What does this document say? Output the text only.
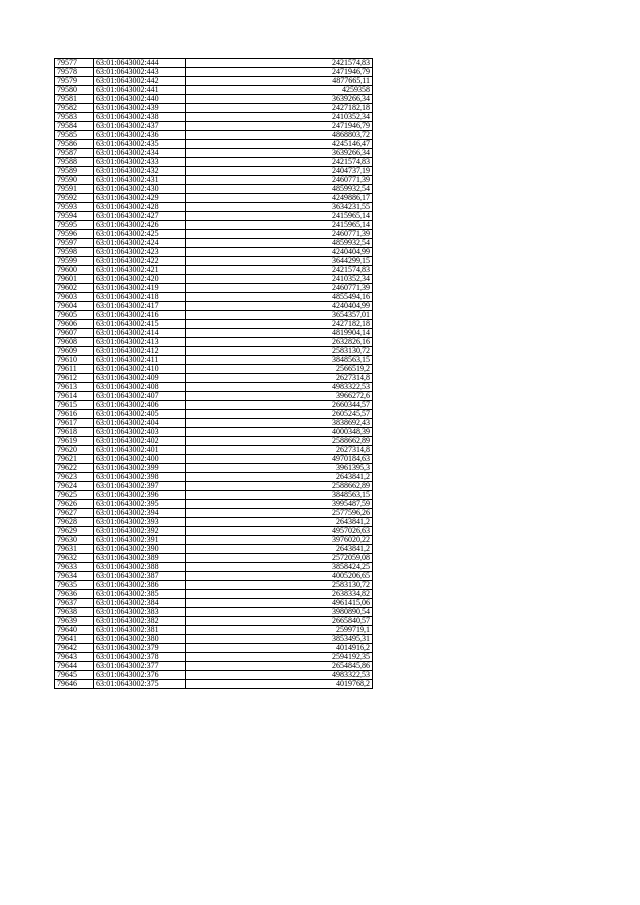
79577	63:01:0643002:444	2421574,83
79578	63:01:0643002:443	2471946,79
79579	63:01:0643002:442	4877665,11
79580	63:01:0643002:441	4259358
79581	63:01:0643002:440	3639266,34
79582	63:01:0643002:439	2427182,18
79583	63:01:0643002:438	2410352,34
79584	63:01:0643002:437	2471946,79
79585	63:01:0643002:436	4868803,72
79586	63:01:0643002:435	4245146,47
79587	63:01:0643002:434	3639266,34
79588	63:01:0643002:433	2421574,83
79589	63:01:0643002:432	2404737,19
79590	63:01:0643002:431	2460771,39
79591	63:01:0643002:430	4859932,54
79592	63:01:0643002:429	4249886,17
79593	63:01:0643002:428	3634231,55
79594	63:01:0643002:427	2415965,14
79595	63:01:0643002:426	2415965,14
79596	63:01:0643002:425	2460771,39
79597	63:01:0643002:424	4859932,54
79598	63:01:0643002:423	4240404,99
79599	63:01:0643002:422	3644299,15
79600	63:01:0643002:421	2421574,83
79601	63:01:0643002:420	2410352,34
79602	63:01:0643002:419	2460771,39
79603	63:01:0643002:418	4855494,16
79604	63:01:0643002:417	4240404,99
79605	63:01:0643002:416	3654357,01
79606	63:01:0643002:415	2427182,18
79607	63:01:0643002:414	4819904,14
79608	63:01:0643002:413	2632826,16
79609	63:01:0643002:412	2583130,72
79610	63:01:0643002:411	3848563,15
79611	63:01:0643002:410	2566519,2
79612	63:01:0643002:409	2627314,8
79613	63:01:0643002:408	4983322,53
79614	63:01:0643002:407	3966272,6
79615	63:01:0643002:406	2660344,57
79616	63:01:0643002:405	2605245,57
79617	63:01:0643002:404	3838692,43
79618	63:01:0643002:403	4000348,39
79619	63:01:0643002:402	2588662,89
79620	63:01:0643002:401	2627314,8
79621	63:01:0643002:400	4970184,63
79622	63:01:0643002:399	3961395,3
79623	63:01:0643002:398	2643841,2
79624	63:01:0643002:397	2588662,89
79625	63:01:0643002:396	3848563,15
79626	63:01:0643002:395	3995487,59
79627	63:01:0643002:394	2577596,26
79628	63:01:0643002:393	2643841,2
79629	63:01:0643002:392	4957026,63
79630	63:01:0643002:391	3976020,22
79631	63:01:0643002:390	2643841,2
79632	63:01:0643002:389	2572059,08
79633	63:01:0643002:388	3858424,25
79634	63:01:0643002:387	4005206,65
79635	63:01:0643002:386	2583130,72
79636	63:01:0643002:385	2638334,82
79637	63:01:0643002:384	4961415,06
79638	63:01:0643002:383	3980890,54
79639	63:01:0643002:382	2665840,57
79640	63:01:0643002:381	2599719,1
79641	63:01:0643002:380	3853495,31
79642	63:01:0643002:379	4014916,2
79643	63:01:0643002:378	2594192,35
79644	63:01:0643002:377	2654845,86
79645	63:01:0643002:376	4983322,53
79646	63:01:0643002:375	4019768,2
